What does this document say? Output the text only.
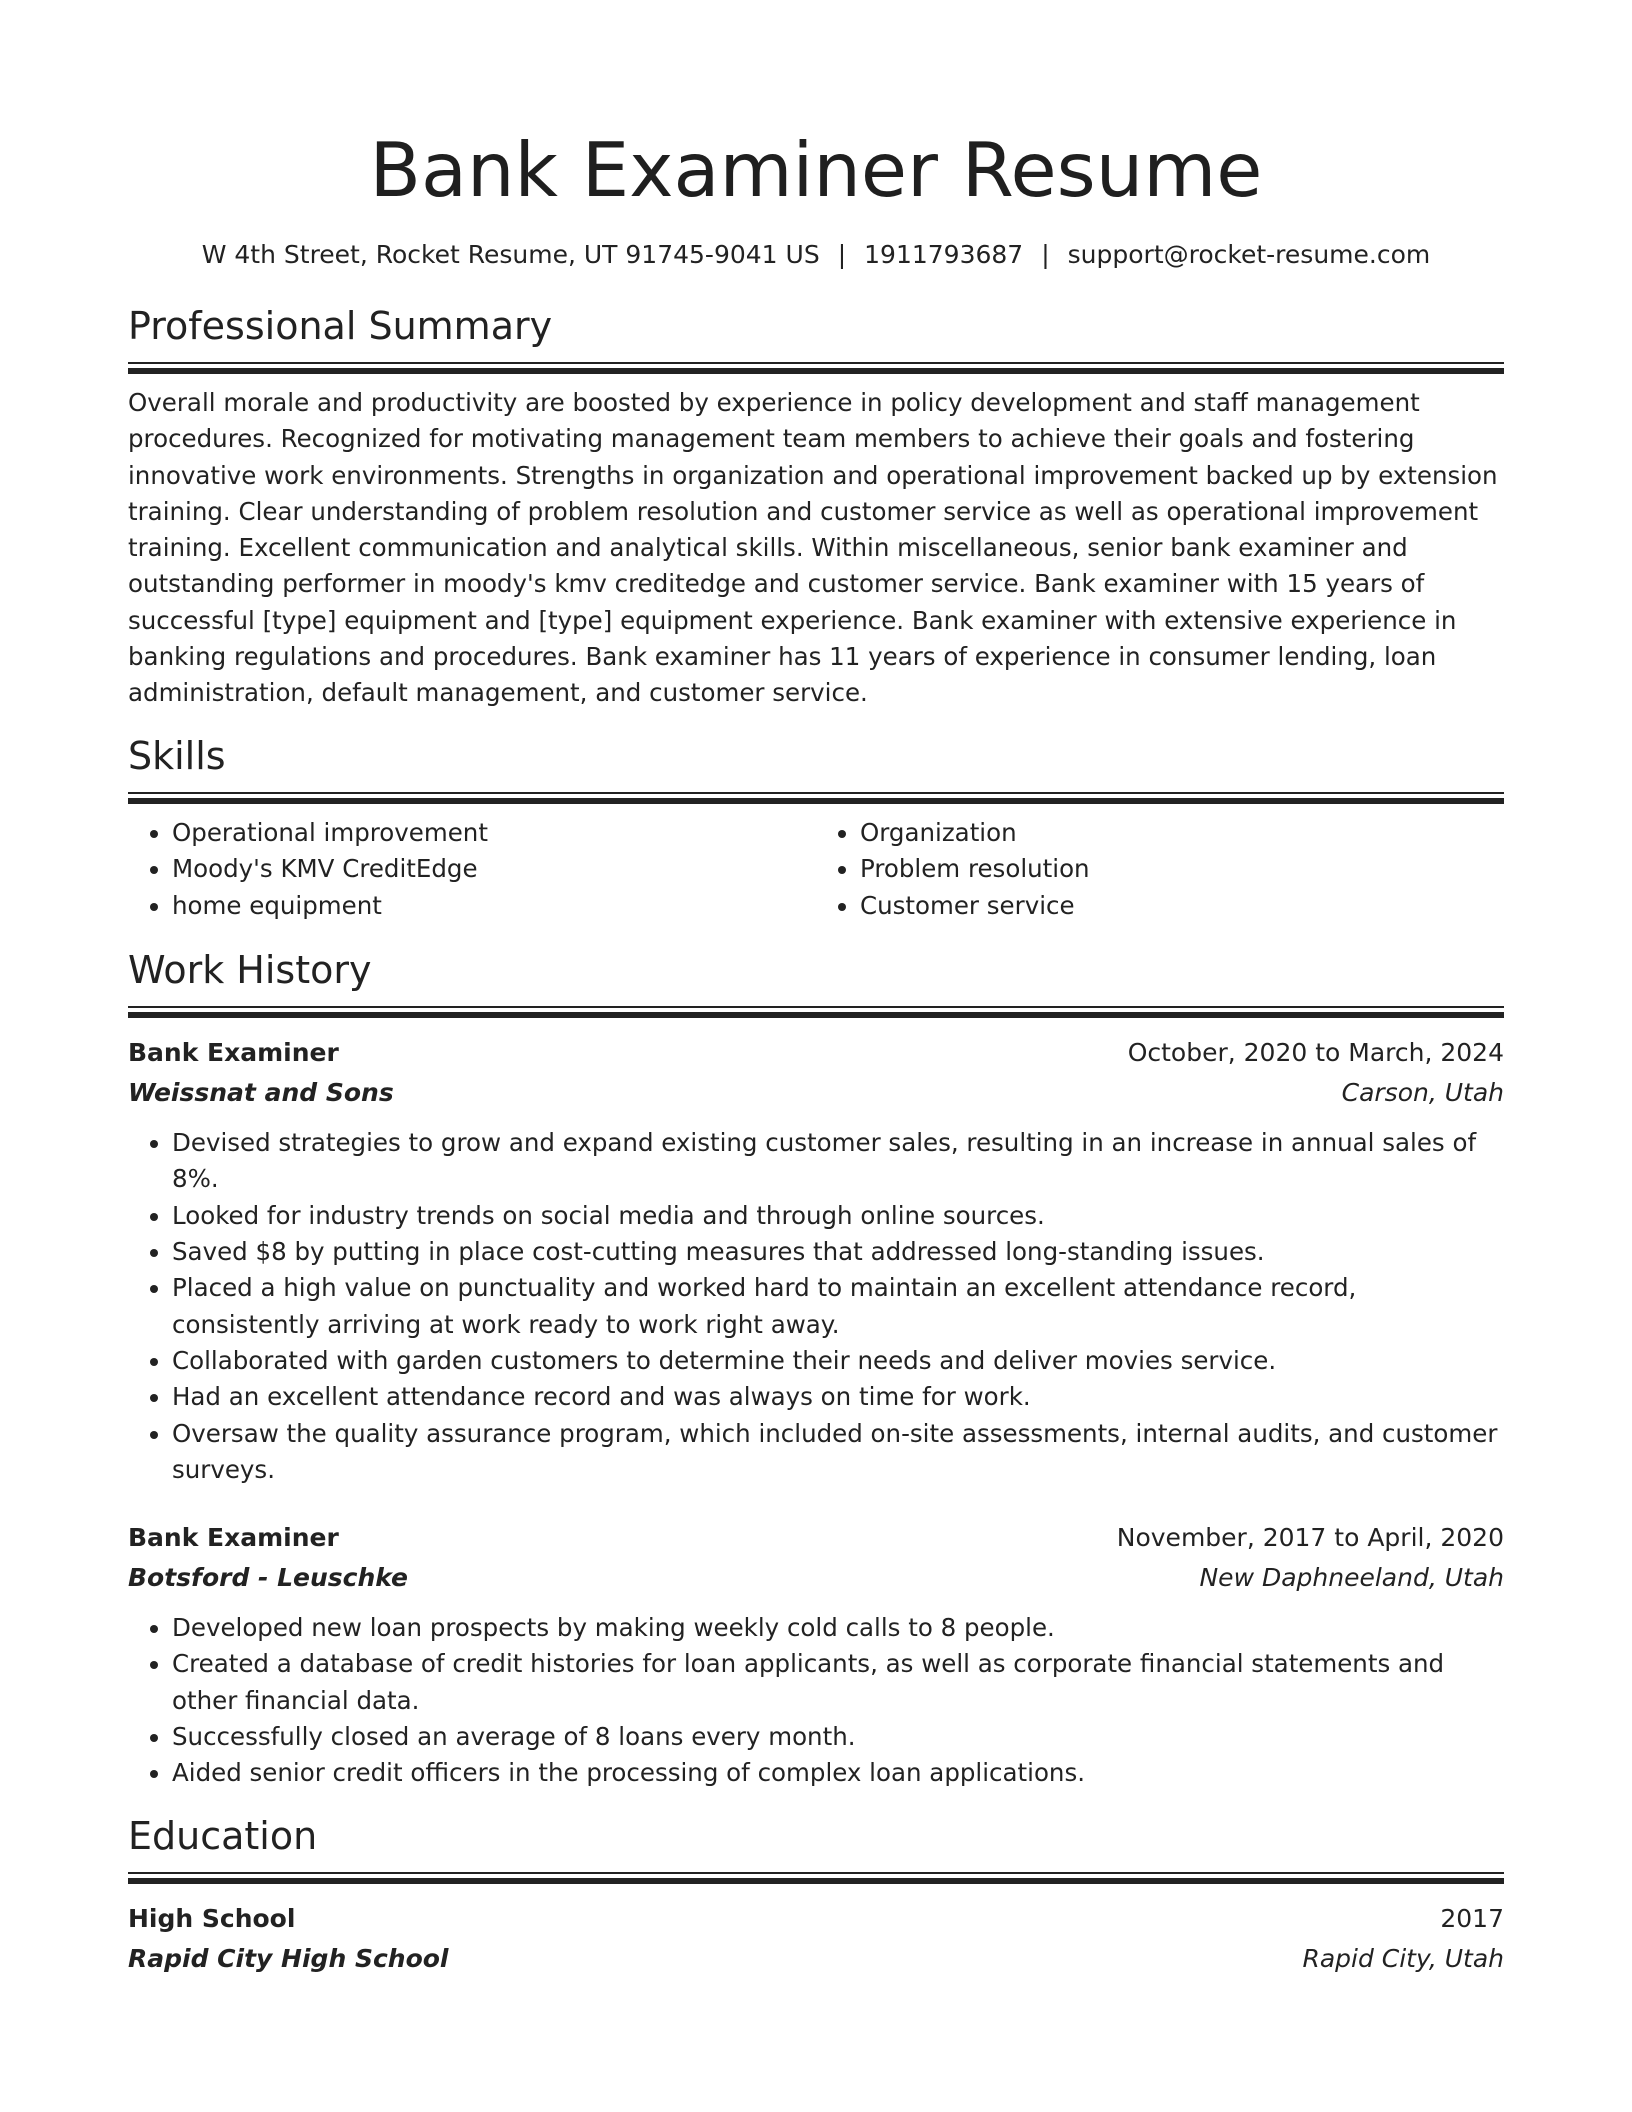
Bank Examiner Resume
W 4th Street, Rocket Resume, UT 91745-9041 US | 1911793687 | support@rocket-resume.com
Professional Summary
Overall morale and productivity are boosted by experience in policy development and staff management procedures. Recognized for motivating management team members to achieve their goals and fostering innovative work environments. Strengths in organization and operational improvement backed up by extension training. Clear understanding of problem resolution and customer service as well as operational improvement training. Excellent communication and analytical skills. Within miscellaneous, senior bank examiner and outstanding performer in moody's kmv creditedge and customer service. Bank examiner with 15 years of successful [type] equipment and [type] equipment experience. Bank examiner with extensive experience in banking regulations and procedures. Bank examiner has 11 years of experience in consumer lending, loan administration, default management, and customer service.
Skills
• Operational improvement
• Moody's KMV CreditEdge
• home equipment
• Organization
• Problem resolution
• Customer service
Work History
Bank Examiner	October, 2020 to March, 2024
Weissnat and Sons	Carson, Utah
• Devised strategies to grow and expand existing customer sales, resulting in an increase in annual sales of 8%.
• Looked for industry trends on social media and through online sources.
• Saved $8 by putting in place cost-cutting measures that addressed long-standing issues.
• Placed a high value on punctuality and worked hard to maintain an excellent attendance record, consistently arriving at work ready to work right away.
• Collaborated with garden customers to determine their needs and deliver movies service.
• Had an excellent attendance record and was always on time for work.
• Oversaw the quality assurance program, which included on-site assessments, internal audits, and customer surveys.
Bank Examiner	November, 2017 to April, 2020
Botsford - Leuschke	New Daphneeland, Utah
• Developed new loan prospects by making weekly cold calls to 8 people.
• Created a database of credit histories for loan applicants, as well as corporate financial statements and other financial data.
• Successfully closed an average of 8 loans every month.
• Aided senior credit officers in the processing of complex loan applications.
Education
High School	2017
Rapid City High School	Rapid City, Utah
